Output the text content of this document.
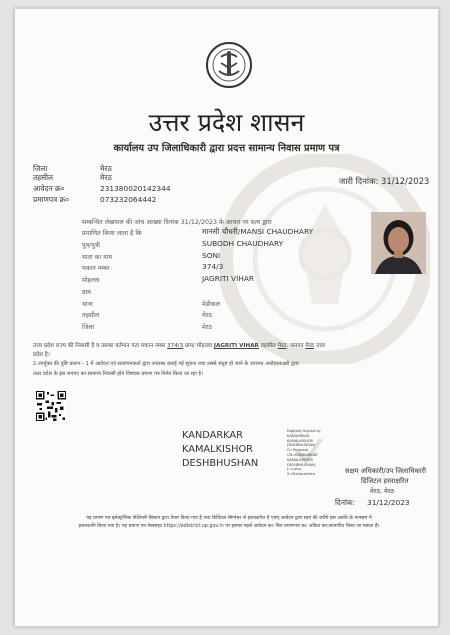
उत्तर प्रदेश शासन
कार्यालय उप जिलाधिकारी द्वारा प्रदत्त सामान्य निवास प्रमाण पत्र
जिला	मेरठ
तहसील	मेरठ
आवेदन क्र०	231380020142344
प्रमाणपत्र क्र०	073232064442
जारी दिनांक: 31/12/2023
सम्बन्धित लेखपाल की जांच आख्या दिनांक 31/12/2023 के आधार पर सत्य द्वारा
प्रमाणित किया जाता है कि	मानसी चौधरी/MANSI CHAUDHARY
पुत्र/पुत्री	SUBODH CHAUDHARY
माता का नाम	SONI
मकान नम्बर	374/3
मोहल्ला	JAGRITI VIHAR
ग्राम
थाना	मेडीकल
तहसील	मेरठ
जिला	मेरठ
उत्तर प्रदेश राज्य की निवासी है व उसका वर्तमान पता मकान नम्बर 374/3 ग्राम/ मोहल्ला JAGRITI VIHAR तहसील मेरठ, जनपद मेरठ उत्तर
प्रदेश है।
2.उपर्युक्त की पुष्टि प्रारूप - 1 में आवेदन एवं सत्यापनकर्ता द्वारा उपलब्ध कराई गई सूचना तथा उससे संतुष्ट हो जाने के उपरान्त अधोहस्ताक्षरी द्वारा
उत्तर प्रदेश के इस जनपद का सामान्य निवासी होने विषयक प्रमाण पत्र निर्गत किया जा रहा है।
KANDARKAR
KAMALKISHOR
DESHBHUSHAN
Digitally Signed by
KANDARKAR
KAMALKISHOR
DESHBHUSHAN
O=Personal,
CN=KANDARKAR
KAMALKISHOR
DESHBHUSHAN,
L=Latur,
S=Maharashtra	सक्षम अधिकारी/उप जिलाधिकारी
डिजिटल हस्ताक्षरित
मेरठ, मेरठ
दिनांक: 31/12/2023
यह प्रमाण पत्र इलेक्ट्रॉनिक डिलिवरी सिस्टम द्वारा तैयार किया गया है तथा डिजिटल सिग्नेचर से हस्ताक्षरित है एवम् आवेदन द्वारा स्वयं की जरिये इस अवधि के मानसम मे
हस्तलतनि किया गया है। यह प्रमाण पत्र वेबसाइट https://edistrict.up.gov.in पर इसका पहले आवेदन क० फिर प्रमाणपत्र क० अंकित कर,सत्यापित किया जा सकता है।
